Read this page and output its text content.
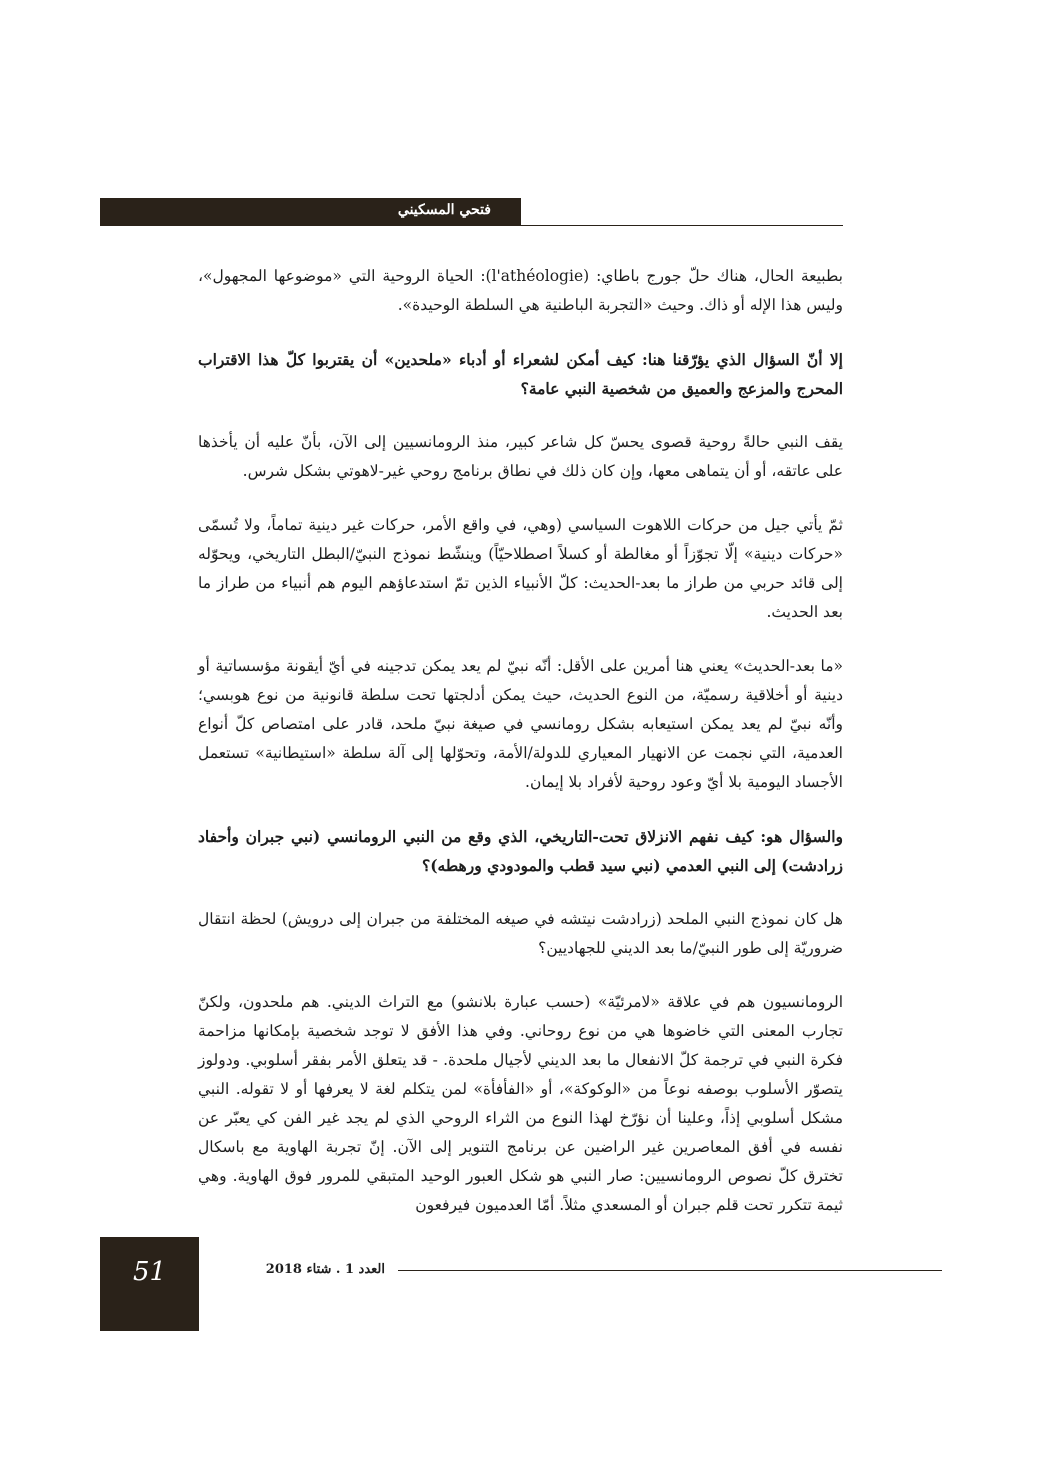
فتحي المسكيني

بطبيعة الحال، هناك حلّ جورج باطاي: (l'athéologie): الحياة الروحية التي «موضوعها المجهول»، وليس هذا الإله أو ذاك. وحيث «التجربة الباطنية هي السلطة الوحيدة».

إلا أنّ السؤال الذي يؤرّقنا هنا: كيف أمكن لشعراء أو أدباء «ملحدين» أن يقتربوا كلّ هذا الاقتراب المحرج والمزعج والعميق من شخصية النبي عامة؟

يقف النبي حالةً روحية قصوى يحسّ كل شاعر كبير، منذ الرومانسيين إلى الآن، بأنّ عليه أن يأخذها على عاتقه، أو أن يتماهى معها، وإن كان ذلك في نطاق برنامج روحي غير-لاهوتي بشكل شرس.

ثمّ يأتي جيل من حركات اللاهوت السياسي (وهي، في واقع الأمر، حركات غير دينية تماماً، ولا تُسمّى «حركات دينية» إلّا تجوّزاً أو مغالطة أو كسلاً اصطلاحيّاً) وينشّط نموذج النبيّ/البطل التاريخي، ويحوّله إلى قائد حربي من طراز ما بعد-الحديث: كلّ الأنبياء الذين تمّ استدعاؤهم اليوم هم أنبياء من طراز ما بعد الحديث.

«ما بعد-الحديث» يعني هنا أمرين على الأقل: أنّه نبيّ لم يعد يمكن تدجينه في أيّ أيقونة مؤسساتية أو دينية أو أخلاقية رسميّة، من النوع الحديث، حيث يمكن أدلجتها تحت سلطة قانونية من نوع هوبسي؛ وأنّه نبيّ لم يعد يمكن استيعابه بشكل رومانسي في صيغة نبيّ ملحد، قادر على امتصاص كلّ أنواع العدمية، التي نجمت عن الانهيار المعياري للدولة/الأمة، وتحوّلها إلى آلة سلطة «استيطانية» تستعمل الأجساد اليومية بلا أيّ وعود روحية لأفراد بلا إيمان.

والسؤال هو: كيف نفهم الانزلاق تحت-التاريخي، الذي وقع من النبي الرومانسي (نبي جبران وأحفاد زرادشت) إلى النبي العدمي (نبي سيد قطب والمودودي ورهطه)؟

هل كان نموذج النبي الملحد (زرادشت نيتشه في صيغه المختلفة من جبران إلى درويش) لحظة انتقال ضروريّة إلى طور النبيّ/ما بعد الديني للجهاديين؟

الرومانسيون هم في علاقة «لامرئيّة» (حسب عبارة بلانشو) مع التراث الديني. هم ملحدون، ولكنّ تجارب المعنى التي خاضوها هي من نوع روحاني. وفي هذا الأفق لا توجد شخصية بإمكانها مزاحمة فكرة النبي في ترجمة كلّ الانفعال ما بعد الديني لأجيال ملحدة. - قد يتعلق الأمر بفقر أسلوبي. ودولوز يتصوّر الأسلوب بوصفه نوعاً من «الوكوكة»، أو «الفأفأة» لمن يتكلم لغة لا يعرفها أو لا تقوله. النبي مشكل أسلوبي إذاً، وعلينا أن نؤرّخ لهذا النوع من الثراء الروحي الذي لم يجد غير الفن كي يعبّر عن نفسه في أفق المعاصرين غير الراضين عن برنامج التنوير إلى الآن. إنّ تجربة الهاوية مع باسكال تخترق كلّ نصوص الرومانسيين: صار النبي هو شكل العبور الوحيد المتبقي للمرور فوق الهاوية. وهي ثيمة تتكرر تحت قلم جبران أو المسعدي مثلاً. أمّا العدميون فيرفعون

51	العدد 1 . شتاء 2018
